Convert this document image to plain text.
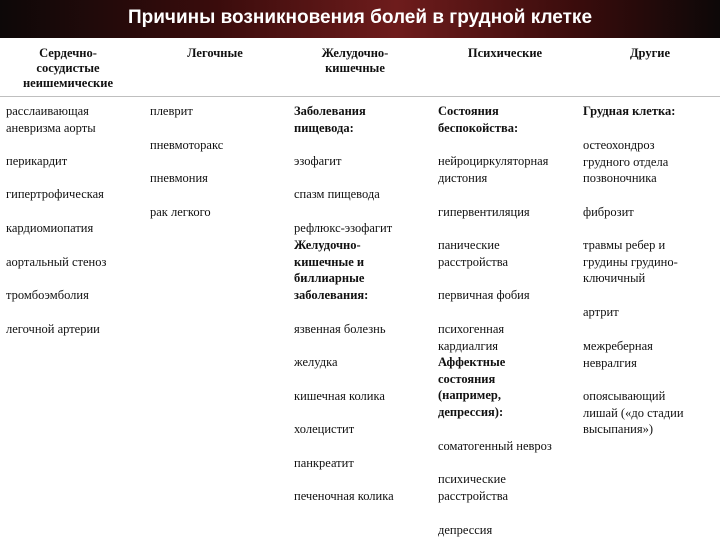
Причины возникновения болей в грудной клетке
Сердечно-
сосудистые
неишемические
Легочные	Желудочно-
кишечные
Психические	Другие
расслаивающая
аневризма аорты
перикардит
гипертрофическая
кардиомиопатия
аортальный стеноз
тромбоэмболия
легочной артерии
плеврит
пневмоторакс
пневмония
рак легкого
Заболевания
пищевода:
эзофагит
спазм пищевода
рефлюкс-эзофагит
Желудочно-
кишечные и
биллиарные
заболевания:
язвенная болезнь
желудка
кишечная колика
холецистит
панкреатит
печеночная колика
Состояния
беспокойства:
нейроциркуляторная
дистония
гипервентиляция
панические
расстройства
первичная фобия
психогенная
кардиалгия
Аффектные
состояния
(например,
депрессия):
соматогенный невроз
психические
расстройства
депрессия
Грудная клетка:
остеохондроз
грудного отдела
позвоночника
фиброзит
травмы ребер и
грудины грудино-
ключичный
артрит
межреберная
невралгия
опоясывающий
лишай («до стадии
высыпания»)
